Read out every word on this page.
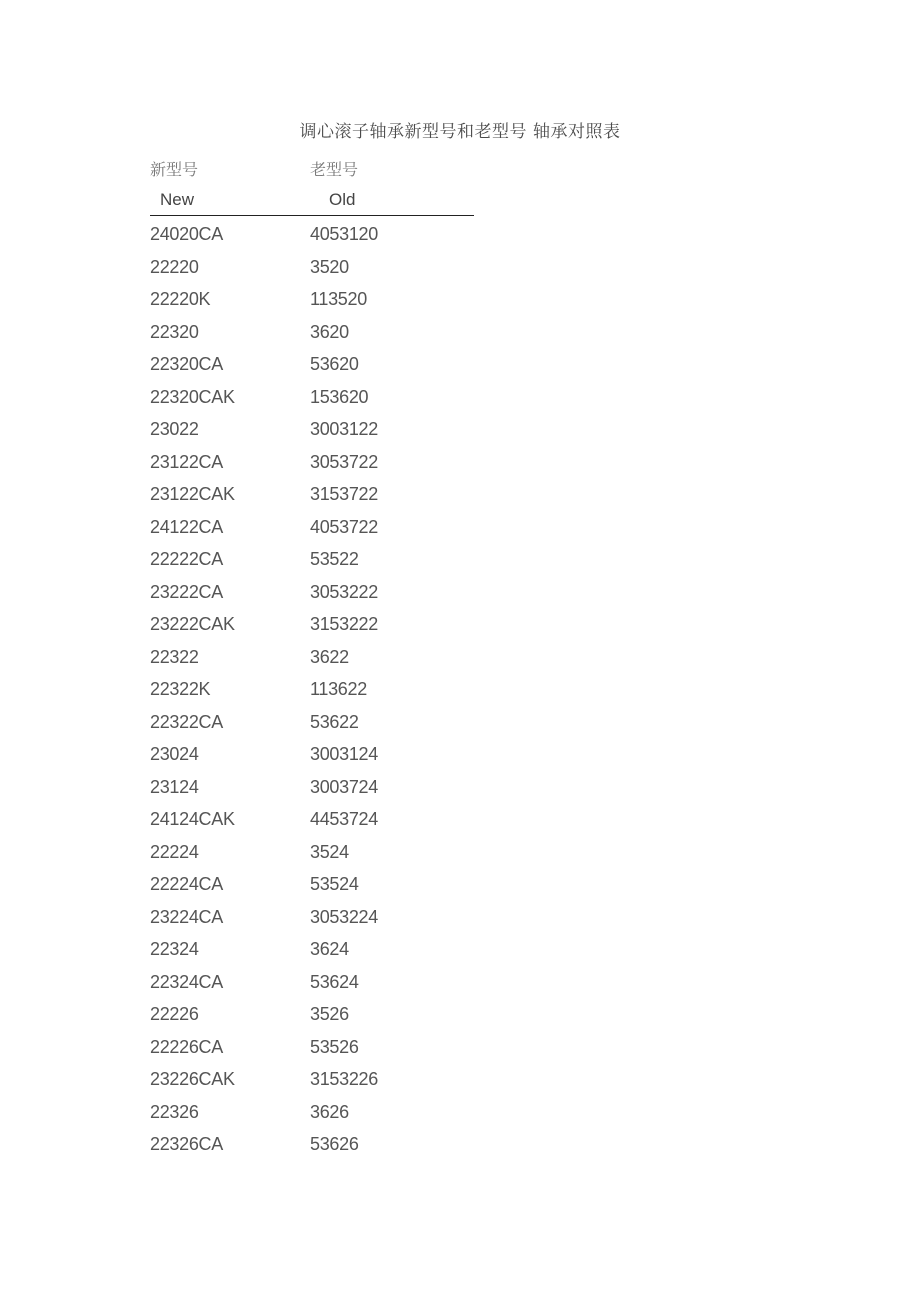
调心滚子轴承新型号和老型号 轴承对照表
新型号	老型号
New	Old
24020CA	4053120
22220	3520
22220K	113520
22320	3620
22320CA	53620
22320CAK	153620
23022	3003122
23122CA	3053722
23122CAK	3153722
24122CA	4053722
22222CA	53522
23222CA	3053222
23222CAK	3153222
22322	3622
22322K	113622
22322CA	53622
23024	3003124
23124	3003724
24124CAK	4453724
22224	3524
22224CA	53524
23224CA	3053224
22324	3624
22324CA	53624
22226	3526
22226CA	53526
23226CAK	3153226
22326	3626
22326CA	53626
